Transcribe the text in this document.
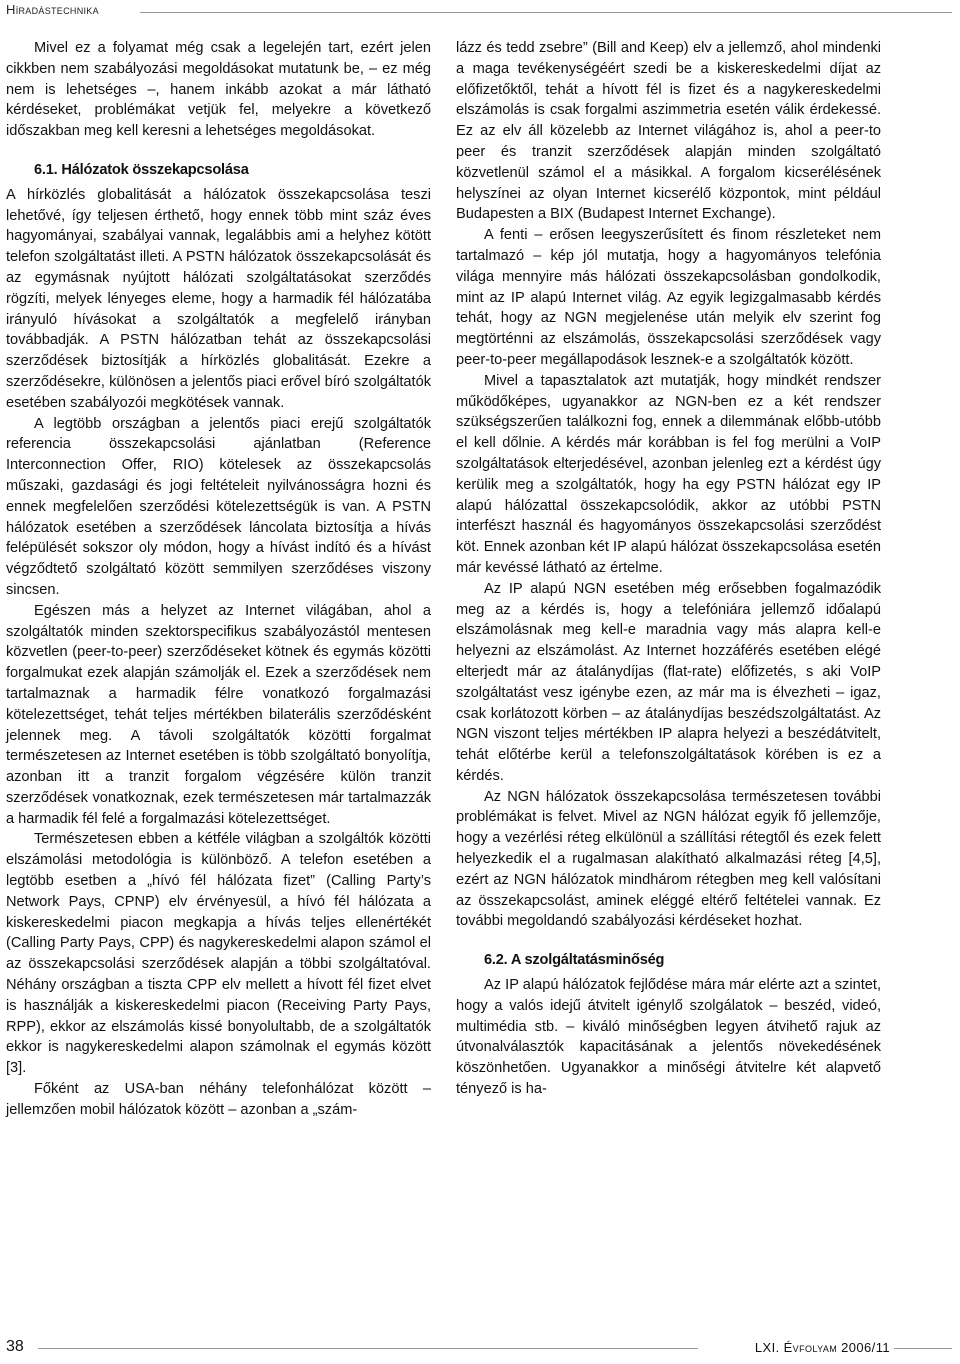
Híradástechnika

Mivel ez a folyamat még csak a legelején tart, ezért jelen cikkben nem szabályozási megoldásokat mutatunk be, – ez még nem is lehetséges –, hanem inkább azokat a már látható kérdéseket, problémákat vetjük fel, melyekre a következő időszakban meg kell keresni a lehetséges megoldásokat.

6.1. Hálózatok összekapcsolása

A hírközlés globalitását a hálózatok összekapcsolása teszi lehetővé, így teljesen érthető, hogy ennek több mint száz éves hagyományai, szabályai vannak, legalábbis ami a helyhez kötött telefon szolgáltatást illeti. A PSTN hálózatok összekapcsolását és az egymásnak nyújtott hálózati szolgáltatásokat szerződés rögzíti, melyek lényeges eleme, hogy a harmadik fél hálózatába irányuló hívásokat a szolgáltatók a megfelelő irányban továbbadják. A PSTN hálózatban tehát az összekapcsolási szerződések biztosítják a hírközlés globalitását. Ezekre a szerződésekre, különösen a jelentős piaci erővel bíró szolgáltatók esetében szabályozói megkötések vannak.

A legtöbb országban a jelentős piaci erejű szolgáltatók referencia összekapcsolási ajánlatban (Reference Interconnection Offer, RIO) kötelesek az összekapcsolás műszaki, gazdasági és jogi feltételeit nyilvánosságra hozni és ennek megfelelően szerződési kötelezettségük is van. A PSTN hálózatok esetében a szerződések láncolata biztosítja a hívás felépülését sokszor oly módon, hogy a hívást indító és a hívást végződtető szolgáltató között semmilyen szerződéses viszony sincsen.

Egészen más a helyzet az Internet világában, ahol a szolgáltatók minden szektorspecifikus szabályozástól mentesen közvetlen (peer-to-peer) szerződéseket kötnek és egymás közötti forgalmukat ezek alapján számolják el. Ezek a szerződések nem tartalmaznak a harmadik félre vonatkozó forgalmazási kötelezettséget, tehát teljes mértékben bilaterális szerződésként jelennek meg. A távoli szolgáltatók közötti forgalmat természetesen az Internet esetében is több szolgáltató bonyolítja, azonban itt a tranzit forgalom végzésére külön tranzit szerződések vonatkoznak, ezek természetesen már tartalmazzák a harmadik fél felé a forgalmazási kötelezettséget.

Természetesen ebben a kétféle világban a szolgáltók közötti elszámolási metodológia is különböző. A telefon esetében a legtöbb esetben a „hívó fél hálózata fizet” (Calling Party’s Network Pays, CPNP) elv érvényesül, a hívó fél hálózata a kiskereskedelmi piacon megkapja a hívás teljes ellenértékét (Calling Party Pays, CPP) és nagykereskedelmi alapon számol el az összekapcsolási szerződések alapján a többi szolgáltatóval. Néhány országban a tiszta CPP elv mellett a hívott fél fizet elvet is használják a kiskereskedelmi piacon (Receiving Party Pays, RPP), ekkor az elszámolás kissé bonyolultabb, de a szolgáltatók ekkor is nagykereskedelmi alapon számolnak el egymás között [3].

Főként az USA-ban néhány telefonhálózat között – jellemzően mobil hálózatok között – azonban a „szám-

lázz és tedd zsebre” (Bill and Keep) elv a jellemző, ahol mindenki a maga tevékenységéért szedi be a kiskereskedelmi díjat az előfizetőktől, tehát a hívott fél is fizet és a nagykereskedelmi elszámolás is csak forgalmi aszimmetria esetén válik érdekessé. Ez az elv áll közelebb az Internet világához is, ahol a peer-to peer és tranzit szerződések alapján minden szolgáltató közvetlenül számol el a másikkal. A forgalom kicserélésének helyszínei az olyan Internet kicserélő központok, mint például Budapesten a BIX (Budapest Internet Exchange).

A fenti – erősen leegyszerűsített és finom részleteket nem tartalmazó – kép jól mutatja, hogy a hagyományos telefónia világa mennyire más hálózati összekapcsolásban gondolkodik, mint az IP alapú Internet világ. Az egyik legizgalmasabb kérdés tehát, hogy az NGN megjelenése után melyik elv szerint fog megtörténni az elszámolás, összekapcsolási szerződések vagy peer-to-peer megállapodások lesznek-e a szolgáltatók között.

Mivel a tapasztalatok azt mutatják, hogy mindkét rendszer működőképes, ugyanakkor az NGN-ben ez a két rendszer szükségszerűen találkozni fog, ennek a dilemmának előbb-utóbb el kell dőlnie. A kérdés már korábban is fel fog merülni a VoIP szolgáltatások elterjedésével, azonban jelenleg ezt a kérdést úgy kerülik meg a szolgáltatók, hogy ha egy PSTN hálózat egy IP alapú hálózattal összekapcsolódik, akkor az utóbbi PSTN interfészt használ és hagyományos összekapcsolási szerződést köt. Ennek azonban két IP alapú hálózat összekapcsolása esetén már kevéssé látható az értelme.

Az IP alapú NGN esetében még erősebben fogalmazódik meg az a kérdés is, hogy a telefóniára jellemző időalapú elszámolásnak meg kell-e maradnia vagy más alapra kell-e helyezni az elszámolást. Az Internet hozzáférés esetében elégé elterjedt már az átalánydíjas (flat-rate) előfizetés, s aki VoIP szolgáltatást vesz igénybe ezen, az már ma is élvezheti – igaz, csak korlátozott körben – az átalánydíjas beszédszolgáltatást. Az NGN viszont teljes mértékben IP alapra helyezi a beszédátvitelt, tehát előtérbe kerül a telefonszolgáltatások körében is ez a kérdés.

Az NGN hálózatok összekapcsolása természetesen további problémákat is felvet. Mivel az NGN hálózat egyik fő jellemzője, hogy a vezérlési réteg elkülönül a szállítási rétegtől és ezek felett helyezkedik el a rugalmasan alakítható alkalmazási réteg [4,5], ezért az NGN hálózatok mindhárom rétegben meg kell valósítani az összekapcsolást, aminek eléggé eltérő feltételei vannak. Ez további megoldandó szabályozási kérdéseket hozhat.

6.2. A szolgáltatásminőség

Az IP alapú hálózatok fejlődése mára már elérte azt a szintet, hogy a valós idejű átvitelt igénylő szolgálatok – beszéd, videó, multimédia stb. – kiváló minőségben legyen átvihető rajuk az útvonalválasztók kapacitásának a jelentős növekedésének köszönhetően. Ugyanakkor a minőségi átvitelre két alapvető tényező is ha-

38	LXI. Évfolyam 2006/11
